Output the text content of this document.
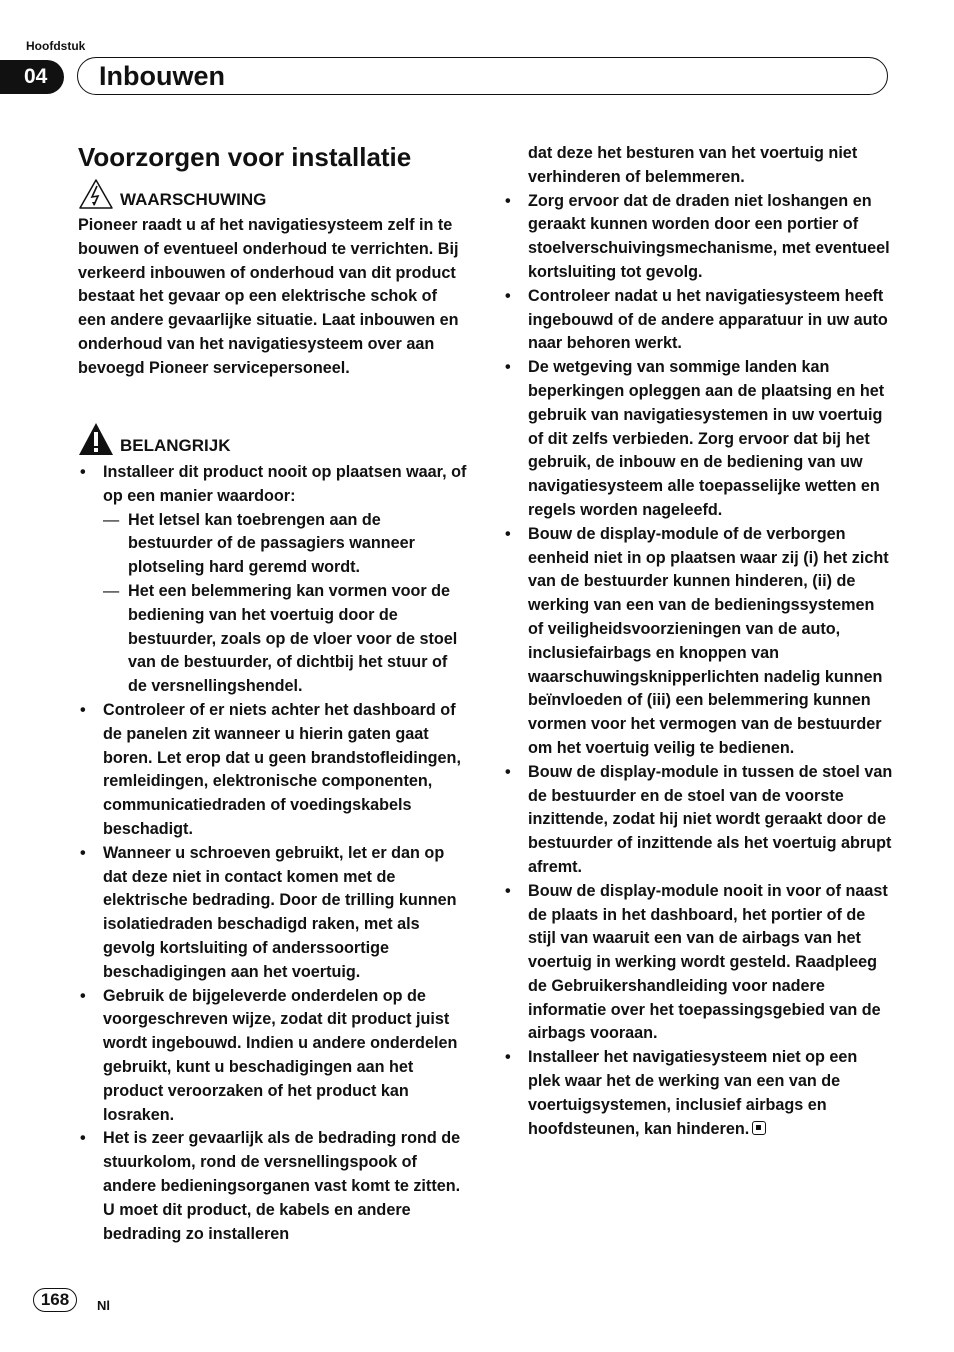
Hoofdstuk
04	Inbouwen
Voorzorgen voor installatie
WAARSCHUWING
Pioneer raadt u af het navigatiesysteem zelf in te bouwen of eventueel onderhoud te verrichten. Bij verkeerd inbouwen of onderhoud van dit product bestaat het gevaar op een elektrische schok of een andere gevaarlijke situatie. Laat inbouwen en onderhoud van het navigatiesysteem over aan bevoegd Pioneer servicepersoneel.
BELANGRIJK
• Installeer dit product nooit op plaatsen waar, of op een manier waardoor:
— Het letsel kan toebrengen aan de bestuurder of de passagiers wanneer plotseling hard geremd wordt.
— Het een belemmering kan vormen voor de bediening van het voertuig door de bestuurder, zoals op de vloer voor de stoel van de bestuurder, of dichtbij het stuur of de versnellingshendel.
• Controleer of er niets achter het dashboard of de panelen zit wanneer u hierin gaten gaat boren. Let erop dat u geen brandstofleidingen, remleidingen, elektronische componenten, communicatiedraden of voedingskabels beschadigt.
• Wanneer u schroeven gebruikt, let er dan op dat deze niet in contact komen met de elektrische bedrading. Door de trilling kunnen isolatiedraden beschadigd raken, met als gevolg kortsluiting of anderssoortige beschadigingen aan het voertuig.
• Gebruik de bijgeleverde onderdelen op de voorgeschreven wijze, zodat dit product juist wordt ingebouwd. Indien u andere onderdelen gebruikt, kunt u beschadigingen aan het product veroorzaken of het product kan losraken.
• Het is zeer gevaarlijk als de bedrading rond de stuurkolom, rond de versnellingspook of andere bedieningsorganen vast komt te zitten. U moet dit product, de kabels en andere bedrading zo installeren
dat deze het besturen van het voertuig niet verhinderen of belemmeren.
• Zorg ervoor dat de draden niet loshangen en geraakt kunnen worden door een portier of stoelverschuivingsmechanisme, met eventueel kortsluiting tot gevolg.
• Controleer nadat u het navigatiesysteem heeft ingebouwd of de andere apparatuur in uw auto naar behoren werkt.
• De wetgeving van sommige landen kan beperkingen opleggen aan de plaatsing en het gebruik van navigatiesystemen in uw voertuig of dit zelfs verbieden. Zorg ervoor dat bij het gebruik, de inbouw en de bediening van uw navigatiesysteem alle toepasselijke wetten en regels worden nageleefd.
• Bouw de display-module of de verborgen eenheid niet in op plaatsen waar zij (i) het zicht van de bestuurder kunnen hinderen, (ii) de werking van een van de bedieningssystemen of veiligheidsvoorzieningen van de auto, inclusiefairbags en knoppen van waarschuwingsknipperlichten nadelig kunnen beïnvloeden of (iii) een belemmering kunnen vormen voor het vermogen van de bestuurder om het voertuig veilig te bedienen.
• Bouw de display-module in tussen de stoel van de bestuurder en de stoel van de voorste inzittende, zodat hij niet wordt geraakt door de bestuurder of inzittende als het voertuig abrupt afremt.
• Bouw de display-module nooit in voor of naast de plaats in het dashboard, het portier of de stijl van waaruit een van de airbags van het voertuig in werking wordt gesteld. Raadpleeg de Gebruikershandleiding voor nadere informatie over het toepassingsgebied van de airbags vooraan.
• Installeer het navigatiesysteem niet op een plek waar het de werking van een van de voertuigsystemen, inclusief airbags en hoofdsteunen, kan hinderen.
168	Nl
